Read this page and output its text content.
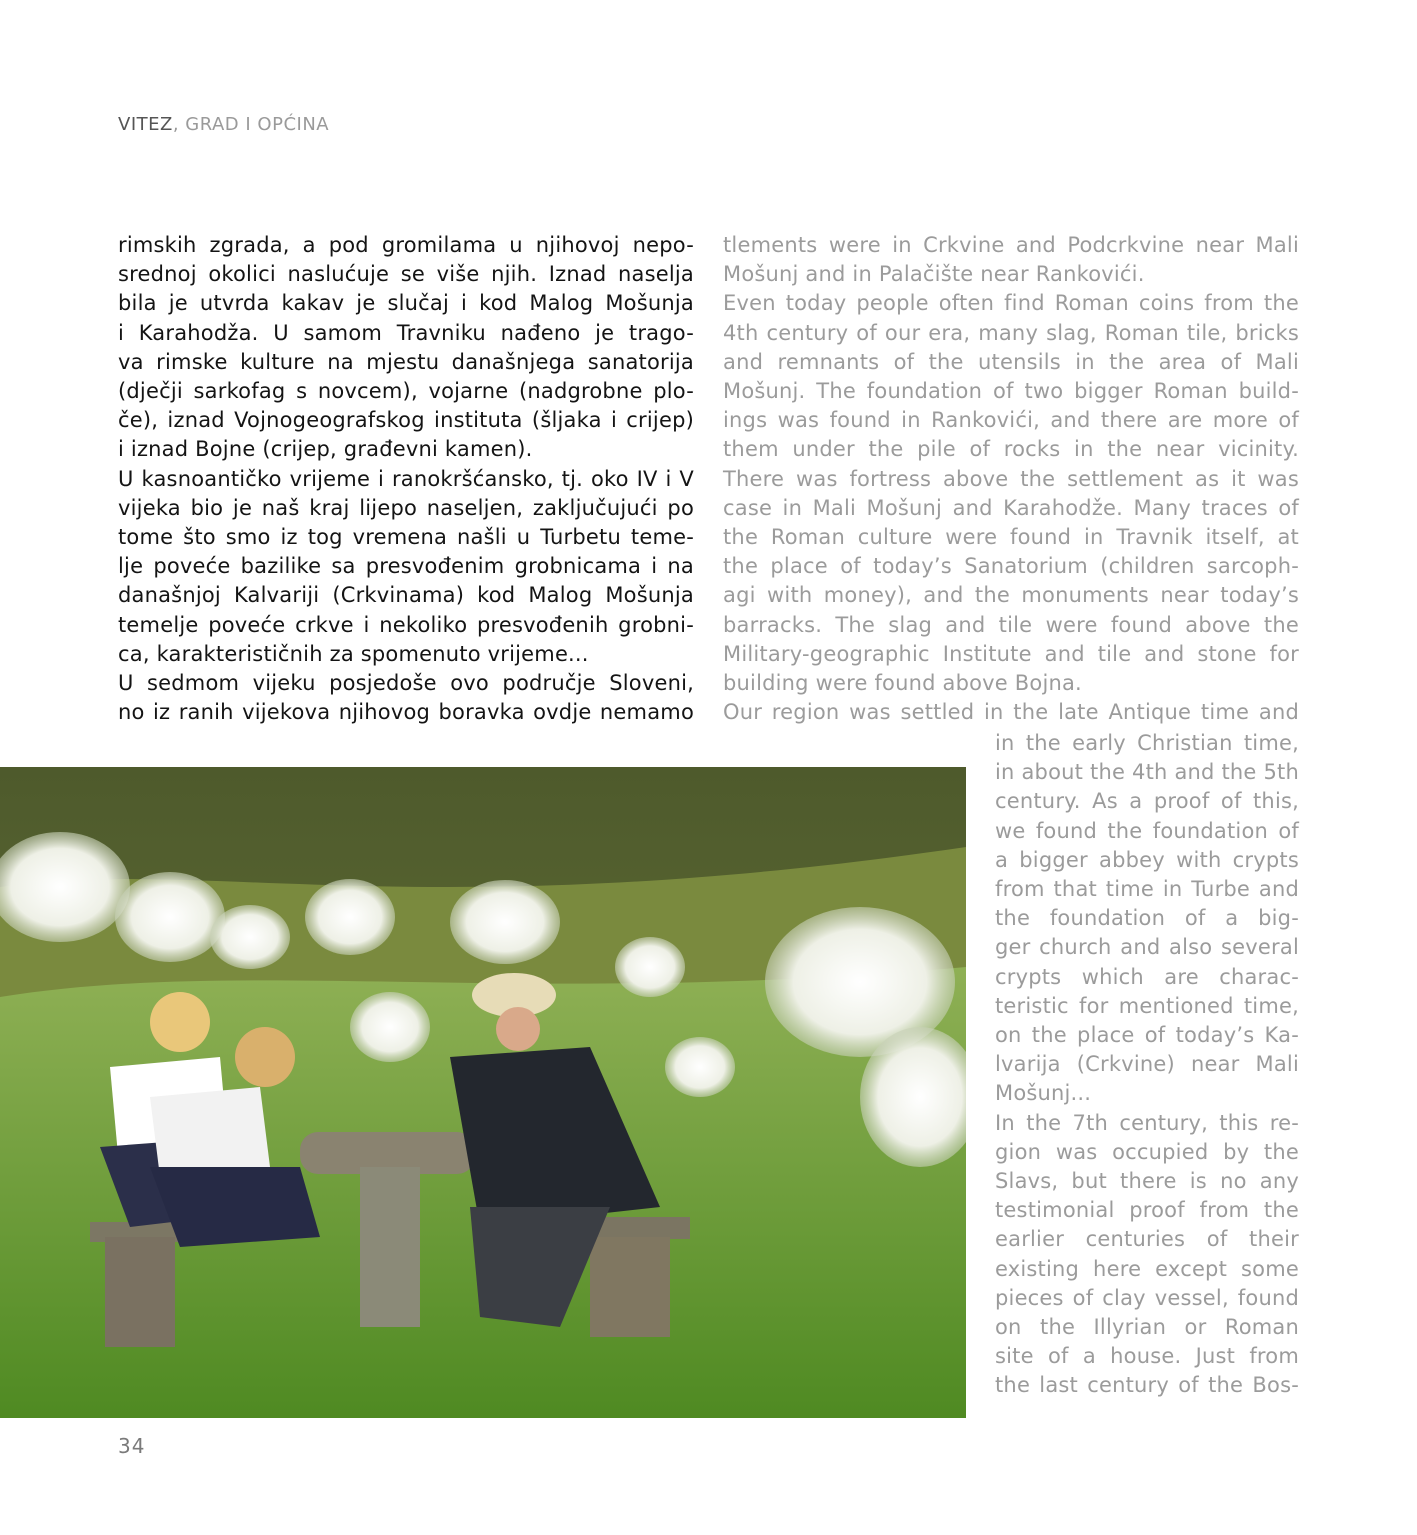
VITEZ, GRAD I OPĆINA
rimskih zgrada, a pod gromilama u njihovoj nepo-
srednoj okolici naslućuje se više njih. Iznad naselja
bila je utvrda kakav je slučaj i kod Malog Mošunja
i Karahodža. U samom Travniku nađeno je trago-
va rimske kulture na mjestu današnjega sanatorija
(dječji sarkofag s novcem), vojarne (nadgrobne plo-
če), iznad Vojnogeografskog instituta (šljaka i crijep)
i iznad Bojne (crijep, građevni kamen).
U kasnoantičko vrijeme i ranokršćansko, tj. oko IV i V
vijeka bio je naš kraj lijepo naseljen, zaključujući po
tome što smo iz tog vremena našli u Turbetu teme-
lje poveće bazilike sa presvođenim grobnicama i na
današnjoj Kalvariji (Crkvinama) kod Malog Mošunja
temelje poveće crkve i nekoliko presvođenih grobni-
ca, karakterističnih za spomenuto vrijeme...
U sedmom vijeku posjedoše ovo područje Sloveni,
no iz ranih vijekova njihovog boravka ovdje nemamo
tlements were in Crkvine and Podcrkvine near Mali
Mošunj and in Palačište near Rankovići.
Even today people often find Roman coins from the
4th century of our era, many slag, Roman tile, bricks
and remnants of the utensils in the area of Mali
Mošunj. The foundation of two bigger Roman build-
ings was found in Rankovići, and there are more of
them under the pile of rocks in the near vicinity.
There was fortress above the settlement as it was
case in Mali Mošunj and Karahodže. Many traces of
the Roman culture were found in Travnik itself, at
the place of today’s Sanatorium (children sarcoph-
agi with money), and the monuments near today’s
barracks. The slag and tile were found above the
Military-geographic Institute and tile and stone for
building were found above Bojna.
Our region was settled in the late Antique time and
in the early Christian time,
in about the 4th and the 5th
century. As a proof of this,
we found the foundation of
a bigger abbey with crypts
from that time in Turbe and
the foundation of a big-
ger church and also several
crypts which are charac-
teristic for mentioned time,
on the place of today’s Ka-
lvarija (Crkvine) near Mali
Mošunj...
In the 7th century, this re-
gion was occupied by the
Slavs, but there is no any
testimonial proof from the
earlier centuries of their
existing here except some
pieces of clay vessel, found
on the Illyrian or Roman
site of a house. Just from
the last century of the Bos-
34
